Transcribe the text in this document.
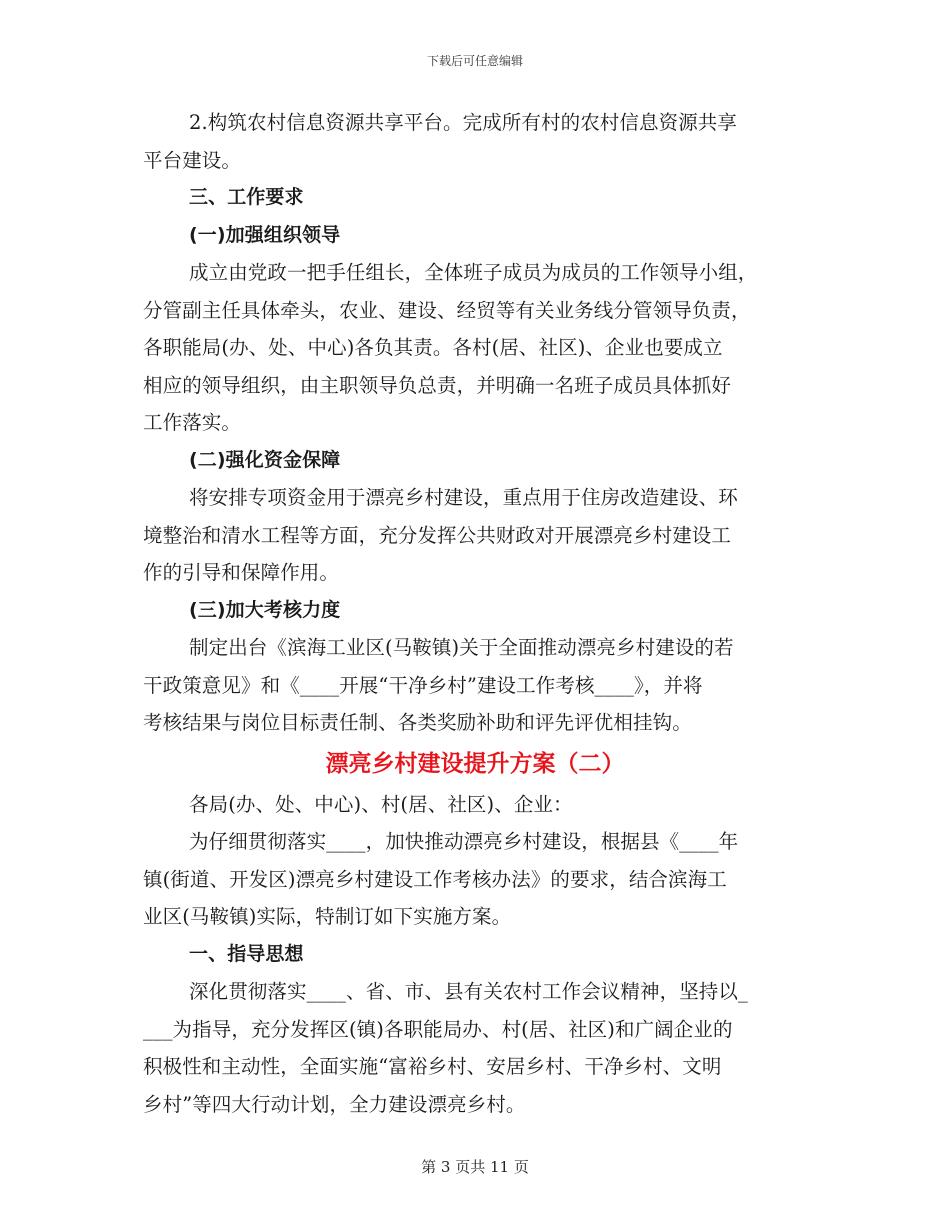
下载后可任意编辑
2.构筑农村信息资源共享平台。完成所有村的农村信息资源共享
平台建设。
三、工作要求
(一)加强组织领导
成立由党政一把手任组长，全体班子成员为成员的工作领导小组，
分管副主任具体牵头，农业、建设、经贸等有关业务线分管领导负责，
各职能局(办、处、中心)各负其责。各村(居、社区)、企业也要成立
相应的领导组织，由主职领导负总责，并明确一名班子成员具体抓好
工作落实。
(二)强化资金保障
将安排专项资金用于漂亮乡村建设，重点用于住房改造建设、环
境整治和清水工程等方面，充分发挥公共财政对开展漂亮乡村建设工
作的引导和保障作用。
(三)加大考核力度
制定出台《滨海工业区(马鞍镇)关于全面推动漂亮乡村建设的若
干政策意见》和《____开展“干净乡村”建设工作考核____》，并将
考核结果与岗位目标责任制、各类奖励补助和评先评优相挂钩。
漂亮乡村建设提升方案（二）
各局(办、处、中心)、村(居、社区)、企业：
为仔细贯彻落实____，加快推动漂亮乡村建设，根据县《____年
镇(街道、开发区)漂亮乡村建设工作考核办法》的要求，结合滨海工
业区(马鞍镇)实际，特制订如下实施方案。
一、指导思想
深化贯彻落实____、省、市、县有关农村工作会议精神，坚持以_
___为指导，充分发挥区(镇)各职能局办、村(居、社区)和广阔企业的
积极性和主动性，全面实施“富裕乡村、安居乡村、干净乡村、文明
乡村”等四大行动计划，全力建设漂亮乡村。
第 3 页共 11 页
